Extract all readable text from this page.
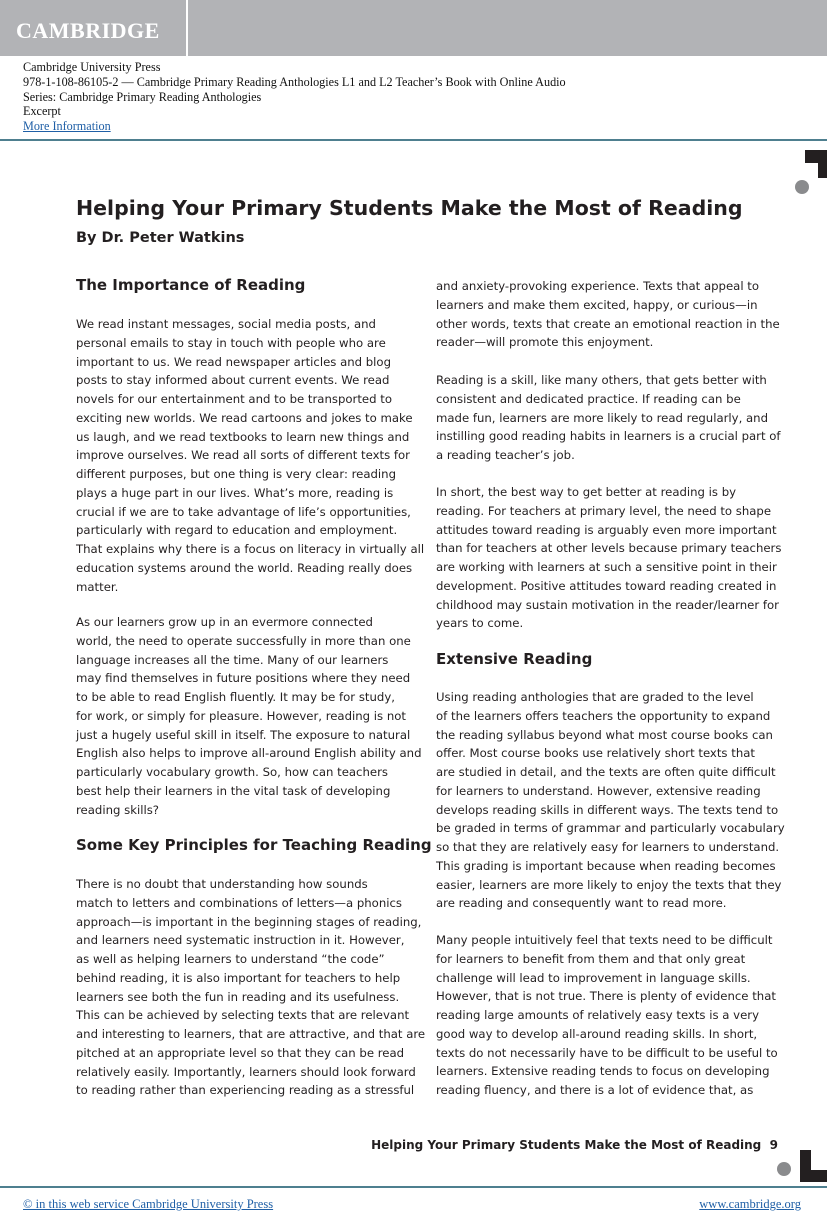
CAMBRIDGE
Cambridge University Press
978-1-108-86105-2 — Cambridge Primary Reading Anthologies L1 and L2 Teacher’s Book with Online Audio
Series: Cambridge Primary Reading Anthologies
Excerpt
More Information
Helping Your Primary Students Make the Most of Reading
By Dr. Peter Watkins
The Importance of Reading

We read instant messages, social media posts, and
personal emails to stay in touch with people who are
important to us. We read newspaper articles and blog
posts to stay informed about current events. We read
novels for our entertainment and to be transported to
exciting new worlds. We read cartoons and jokes to make
us laugh, and we read textbooks to learn new things and
improve ourselves. We read all sorts of different texts for
different purposes, but one thing is very clear: reading
plays a huge part in our lives. What’s more, reading is
crucial if we are to take advantage of life’s opportunities,
particularly with regard to education and employment.
That explains why there is a focus on literacy in virtually all
education systems around the world. Reading really does
matter.

As our learners grow up in an evermore connected
world, the need to operate successfully in more than one
language increases all the time. Many of our learners
may find themselves in future positions where they need
to be able to read English fluently. It may be for study,
for work, or simply for pleasure. However, reading is not
just a hugely useful skill in itself. The exposure to natural
English also helps to improve all-around English ability and
particularly vocabulary growth. So, how can teachers
best help their learners in the vital task of developing
reading skills?

Some Key Principles for Teaching Reading

There is no doubt that understanding how sounds
match to letters and combinations of letters—a phonics
approach—is important in the beginning stages of reading,
and learners need systematic instruction in it. However,
as well as helping learners to understand “the code”
behind reading, it is also important for teachers to help
learners see both the fun in reading and its usefulness.
This can be achieved by selecting texts that are relevant
and interesting to learners, that are attractive, and that are
pitched at an appropriate level so that they can be read
relatively easily. Importantly, learners should look forward
to reading rather than experiencing reading as a stressful

and anxiety-provoking experience. Texts that appeal to
learners and make them excited, happy, or curious—in
other words, texts that create an emotional reaction in the
reader—will promote this enjoyment.

Reading is a skill, like many others, that gets better with
consistent and dedicated practice. If reading can be
made fun, learners are more likely to read regularly, and
instilling good reading habits in learners is a crucial part of
a reading teacher’s job.

In short, the best way to get better at reading is by
reading. For teachers at primary level, the need to shape
attitudes toward reading is arguably even more important
than for teachers at other levels because primary teachers
are working with learners at such a sensitive point in their
development. Positive attitudes toward reading created in
childhood may sustain motivation in the reader/learner for
years to come.

Extensive Reading

Using reading anthologies that are graded to the level
of the learners offers teachers the opportunity to expand
the reading syllabus beyond what most course books can
offer. Most course books use relatively short texts that
are studied in detail, and the texts are often quite difficult
for learners to understand. However, extensive reading
develops reading skills in different ways. The texts tend to
be graded in terms of grammar and particularly vocabulary
so that they are relatively easy for learners to understand.
This grading is important because when reading becomes
easier, learners are more likely to enjoy the texts that they
are reading and consequently want to read more.

Many people intuitively feel that texts need to be difficult
for learners to benefit from them and that only great
challenge will lead to improvement in language skills.
However, that is not true. There is plenty of evidence that
reading large amounts of relatively easy texts is a very
good way to develop all-around reading skills. In short,
texts do not necessarily have to be difficult to be useful to
learners. Extensive reading tends to focus on developing
reading fluency, and there is a lot of evidence that, as

Helping Your Primary Students Make the Most of Reading 9
© in this web service Cambridge University Press	www.cambridge.org
